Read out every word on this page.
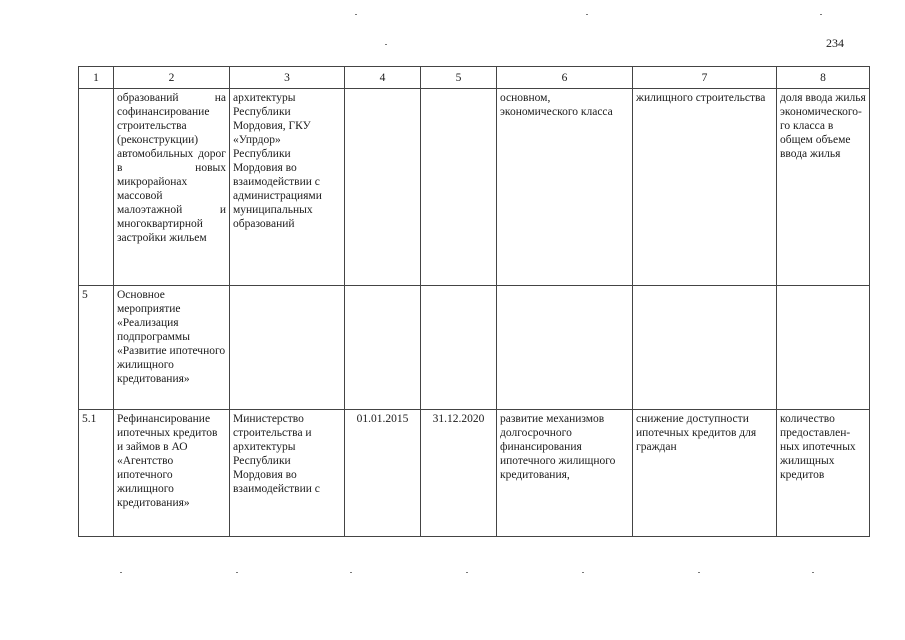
234
1	2	3	4	5	6	7	8
	образований на софинансирование строительства (реконструкции) автомобильных дорог в новых микрорайонах массовой малоэтажной и многоквартирной застройки жильем	архитектуры Республики Мордовия, ГКУ «Упрдор» Республики Мордовия во взаимодействии с администрациями муниципальных образований			основном, экономического класса	жилищного строительства	доля ввода жилья экономического-го класса в общем объеме ввода жилья
5	Основное мероприятие «Реализация подпрограммы «Развитие ипотечного жилищного кредитования»						
5.1	Рефинансирование ипотечных кредитов и займов в АО «Агентство ипотечного жилищного кредитования»	Министерство строительства и архитектуры Республики Мордовия во взаимодействии с	01.01.2015	31.12.2020	развитие механизмов долгосрочного финансирования ипотечного жилищного кредитования,	снижение доступности ипотечных кредитов для граждан	количество предоставлен-ных ипотечных жилищных кредитов
